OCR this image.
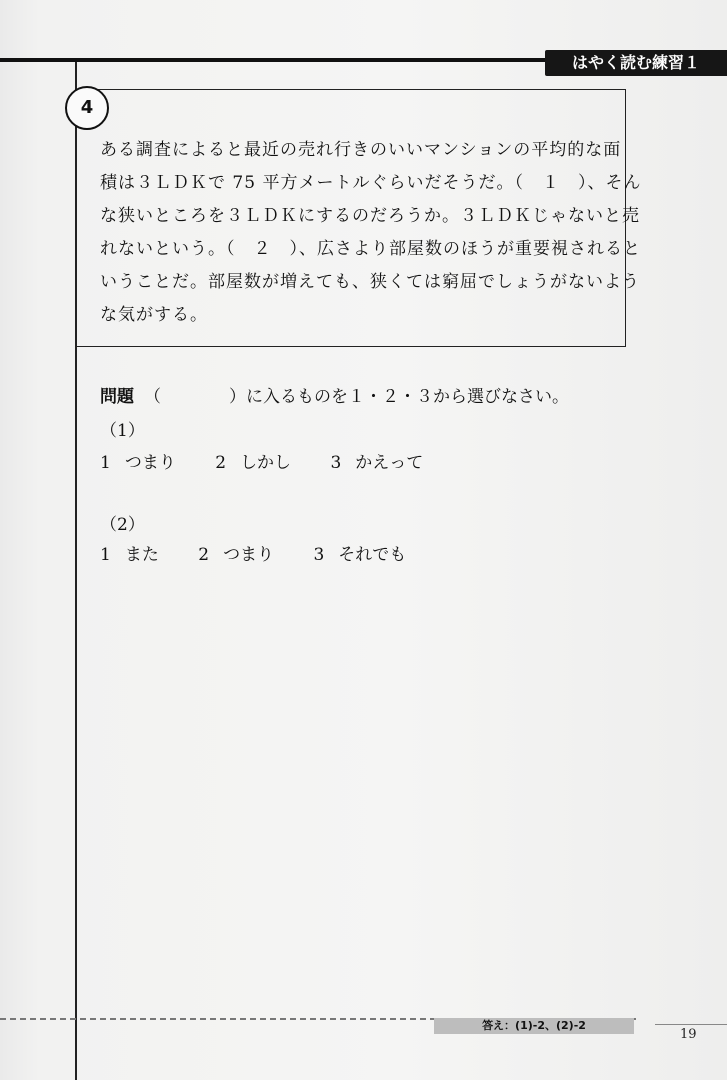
はやく読む練習１
4
ある調査によると最近の売れ行きのいいマンションの平均的な面
積は３ＬＤＫで 75 平方メートルぐらいだそうだ。（　１　）、そん
な狭いところを３ＬＤＫにするのだろうか。３ＬＤＫじゃないと売
れないという。（　２　）、広さより部屋数のほうが重要視されると
いうことだ。部屋数が増えても、狭くては窮屈でしょうがないよう
な気がする。
問題 （　　　　）に入るものを１・２・３から選びなさい。
（1）
1 つまり 2 しかし 3 かえって
（2）
1 また 2 つまり 3 それでも
答え：(1)-2、(2)-2
19
